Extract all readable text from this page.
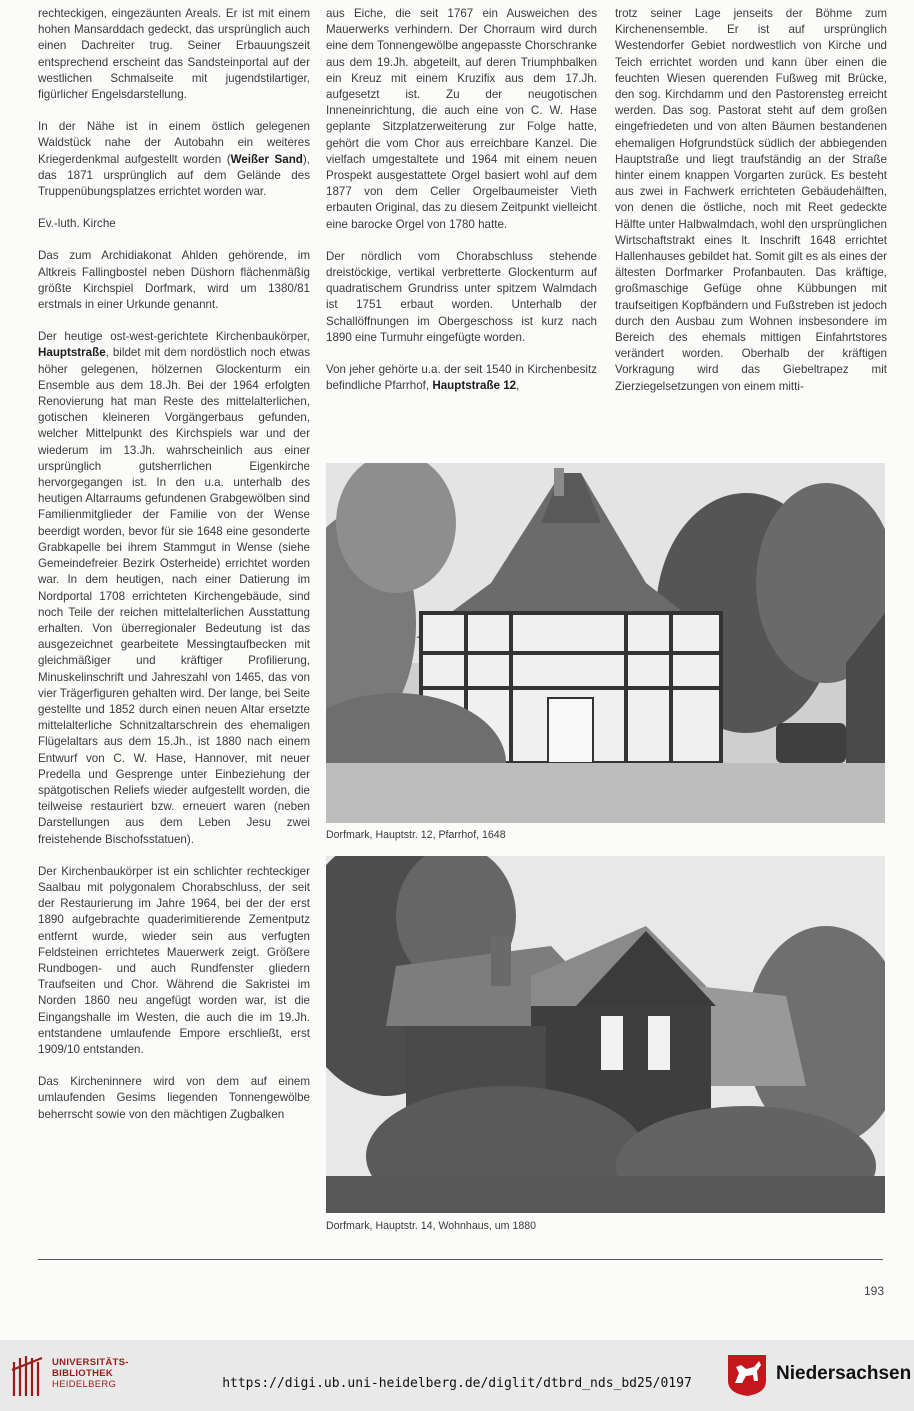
rechteckigen, eingezäunten Areals. Er ist mit einem hohen Mansarddach gedeckt, das ursprünglich auch einen Dachreiter trug. Seiner Erbauungszeit entsprechend erscheint das Sandsteinportal auf der westlichen Schmalseite mit jugendstilartiger, figürlicher Engelsdarstellung.

In der Nähe ist in einem östlich gelegenen Waldstück nahe der Autobahn ein weiteres Kriegerdenkmal aufgestellt worden (Weißer Sand), das 1871 ursprünglich auf dem Gelände des Truppenübungsplatzes errichtet worden war.

Ev.-luth. Kirche

Das zum Archidiakonat Ahlden gehörende, im Altkreis Fallingbostel neben Düshorn flächenmäßig größte Kirchspiel Dorfmark, wird um 1380/81 erstmals in einer Urkunde genannt.

Der heutige ost-west-gerichtete Kirchenbaukörper, Hauptstraße, bildet mit dem nordöstlich noch etwas höher gelegenen, hölzernen Glockenturm ein Ensemble aus dem 18.Jh. Bei der 1964 erfolgten Renovierung hat man Reste des mittelalterlichen, gotischen kleineren Vorgängerbaus gefunden, welcher Mittelpunkt des Kirchspiels war und der wiederum im 13.Jh. wahrscheinlich aus einer ursprünglich gutsherrlichen Eigenkirche hervorgegangen ist. In den u.a. unterhalb des heutigen Altarraums gefundenen Grabgewölben sind Familienmitglieder der Familie von der Wense beerdigt worden, bevor für sie 1648 eine gesonderte Grabkapelle bei ihrem Stammgut in Wense (siehe Gemeindefreier Bezirk Osterheide) errichtet worden war. In dem heutigen, nach einer Datierung im Nordportal 1708 errichteten Kirchengebäude, sind noch Teile der reichen mittelalterlichen Ausstattung erhalten. Von überregionaler Bedeutung ist das ausgezeichnet gearbeitete Messingtaufbecken mit gleichmäßiger und kräftiger Profilierung, Minuskelinschrift und Jahreszahl von 1465, das von vier Trägerfiguren gehalten wird. Der lange, bei Seite gestellte und 1852 durch einen neuen Altar ersetzte mittelalterliche Schnitzaltarschrein des ehemaligen Flügelaltars aus dem 15.Jh., ist 1880 nach einem Entwurf von C. W. Hase, Hannover, mit neuer Predella und Gesprenge unter Einbeziehung der spätgotischen Reliefs wieder aufgestellt worden, die teilweise restauriert bzw. erneuert waren (neben Darstellungen aus dem Leben Jesu zwei freistehende Bischofsstatuen).

Der Kirchenbaukörper ist ein schlichter rechteckiger Saalbau mit polygonalem Chorabschluss, der seit der Restaurierung im Jahre 1964, bei der der erst 1890 aufgebrachte quaderimitierende Zementputz entfernt wurde, wieder sein aus verfugten Feldsteinen errichtetes Mauerwerk zeigt. Größere Rundbogen- und auch Rundfenster gliedern Traufseiten und Chor. Während die Sakristei im Norden 1860 neu angefügt worden war, ist die Eingangshalle im Westen, die auch die im 19.Jh. entstandene umlaufende Empore erschließt, erst 1909/10 entstanden.

Das Kircheninnere wird von dem auf einem umlaufenden Gesims liegenden Tonnengewölbe beherrscht sowie von den mächtigen Zugbalken

aus Eiche, die seit 1767 ein Ausweichen des Mauerwerks verhindern. Der Chorraum wird durch eine dem Tonnengewölbe angepasste Chorschranke aus dem 19.Jh. abgeteilt, auf deren Triumphbalken ein Kreuz mit einem Kruzifix aus dem 17.Jh. aufgesetzt ist. Zu der neugotischen Inneneinrichtung, die auch eine von C. W. Hase geplante Sitzplatzerweiterung zur Folge hatte, gehört die vom Chor aus erreichbare Kanzel. Die vielfach umgestaltete und 1964 mit einem neuen Prospekt ausgestattete Orgel basiert wohl auf dem 1877 von dem Celler Orgelbaumeister Vieth erbauten Original, das zu diesem Zeitpunkt vielleicht eine barocke Orgel von 1780 hatte.

Der nördlich vom Chorabschluss stehende dreistöckige, vertikal verbretterte Glockenturm auf quadratischem Grundriss unter spitzem Walmdach ist 1751 erbaut worden. Unterhalb der Schallöffnungen im Obergeschoss ist kurz nach 1890 eine Turmuhr eingefügte worden.

Von jeher gehörte u.a. der seit 1540 in Kirchenbesitz befindliche Pfarrhof, Hauptstraße 12,

trotz seiner Lage jenseits der Böhme zum Kirchenensemble. Er ist auf ursprünglich Westendorfer Gebiet nordwestlich von Kirche und Teich errichtet worden und kann über einen die feuchten Wiesen querenden Fußweg mit Brücke, den sog. Kirchdamm und den Pastorensteg erreicht werden. Das sog. Pastorat steht auf dem großen eingefriedeten und von alten Bäumen bestandenen ehemaligen Hofgrundstück südlich der abbiegenden Hauptstraße und liegt traufständig an der Straße hinter einem knappen Vorgarten zurück. Es besteht aus zwei in Fachwerk errichteten Gebäudehälften, von denen die östliche, noch mit Reet gedeckte Hälfte unter Halbwalmdach, wohl den ursprünglichen Wirtschaftstrakt eines lt. Inschrift 1648 errichtet Hallenhauses gebildet hat. Somit gilt es als eines der ältesten Dorfmarker Profanbauten. Das kräftige, großmaschige Gefüge ohne Kübbungen mit traufseitigen Kopfbändern und Fußstreben ist jedoch durch den Ausbau zum Wohnen insbesondere im Bereich des ehemals mittigen Einfahrtstores verändert worden. Oberhalb der kräftigen Vorkragung wird das Giebeltrapez mit Zierziegelsetzungen von einem mitti-

Dorfmark, Hauptstr. 12, Pfarrhof, 1648
Dorfmark, Hauptstr. 14, Wohnhaus, um 1880
193
UNIVERSITÄTS-
BIBLIOTHEK
HEIDELBERG	https://digi.ub.uni-heidelberg.de/diglit/dtbrd_nds_bd25/0197	Niedersachsen
